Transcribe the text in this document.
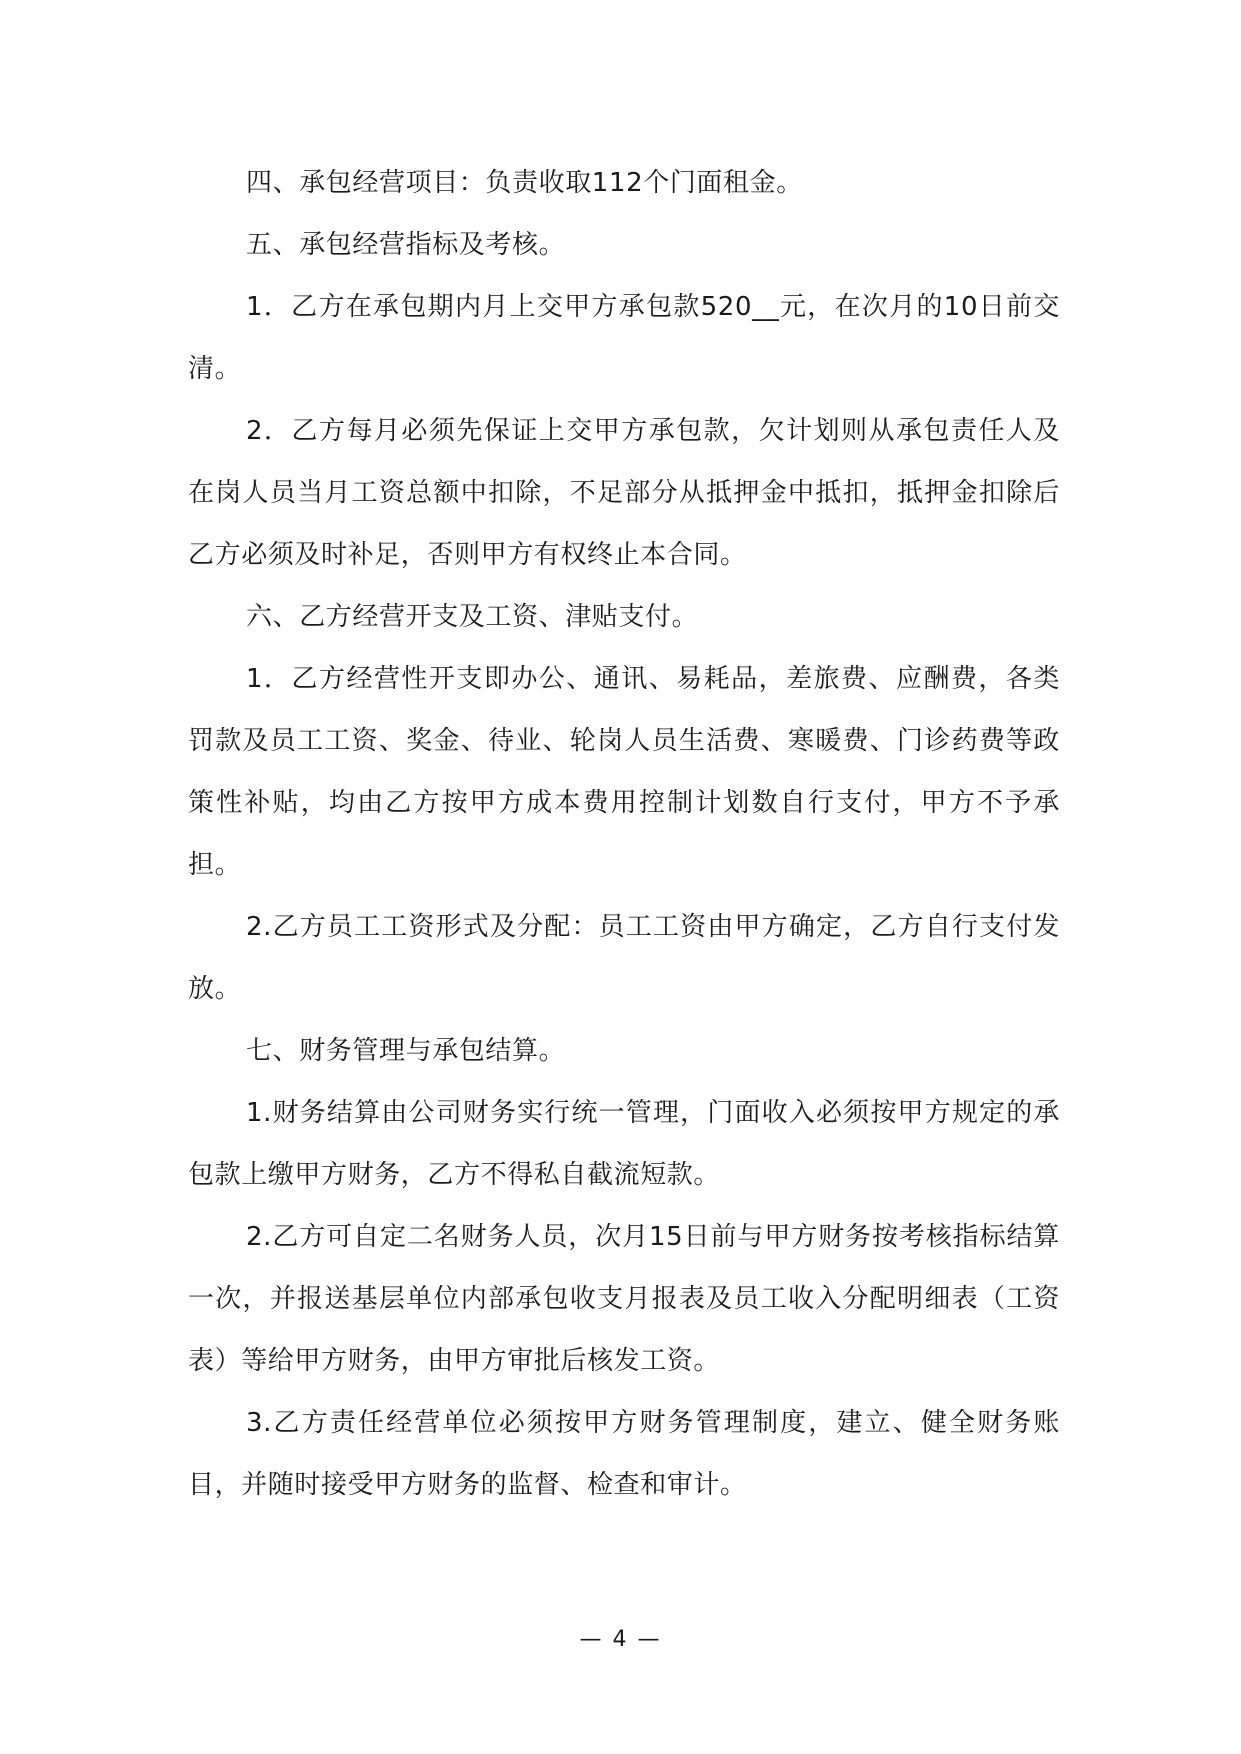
四、承包经营项目：负责收取112个门面租金。

五、承包经营指标及考核。

1．乙方在承包期内月上交甲方承包款520__元，在次月的10日前交清。

2．乙方每月必须先保证上交甲方承包款，欠计划则从承包责任人及在岗人员当月工资总额中扣除，不足部分从抵押金中抵扣，抵押金扣除后乙方必须及时补足，否则甲方有权终止本合同。

六、乙方经营开支及工资、津贴支付。

1．乙方经营性开支即办公、通讯、易耗品，差旅费、应酬费，各类罚款及员工工资、奖金、待业、轮岗人员生活费、寒暖费、门诊药费等政策性补贴，均由乙方按甲方成本费用控制计划数自行支付，甲方不予承担。

2.乙方员工工资形式及分配：员工工资由甲方确定，乙方自行支付发放。

七、财务管理与承包结算。

1.财务结算由公司财务实行统一管理，门面收入必须按甲方规定的承包款上缴甲方财务，乙方不得私自截流短款。

2.乙方可自定二名财务人员，次月15日前与甲方财务按考核指标结算一次，并报送基层单位内部承包收支月报表及员工收入分配明细表（工资表）等给甲方财务，由甲方审批后核发工资。

3.乙方责任经营单位必须按甲方财务管理制度，建立、健全财务账目，并随时接受甲方财务的监督、检查和审计。

— 4 —
